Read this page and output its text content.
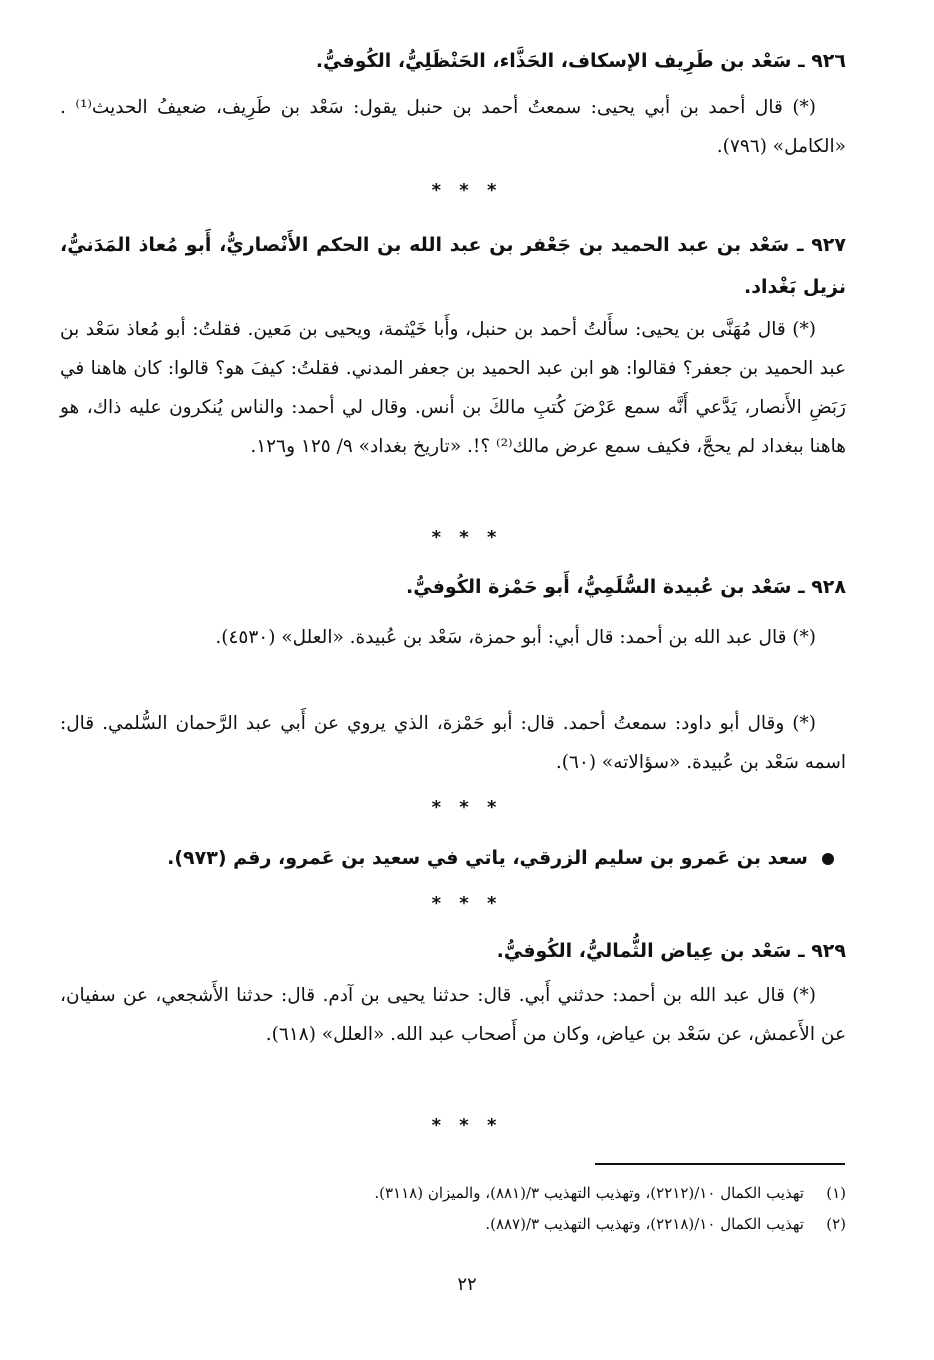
٩٢٦ ـ سَعْد بن طَرِيف الإسكاف، الحَذَّاء، الحَنْظَلِيُّ، الكُوفيُّ.
(*) قال أحمد بن أبي يحيى: سمعتُ أحمد بن حنبل يقول: سَعْد بن طَرِيف، ضعيفُ الحديث⁽¹⁾ . «الكامل» (٧٩٦).
* * *
٩٢٧ ـ سَعْد بن عبد الحميد بن جَعْفر بن عبد الله بن الحكم الأَنْصاريُّ، أَبو مُعاذ المَدَنيُّ، نزيل بَغْداد.
(*) قال مُهَنَّى بن يحيى: سأَلتُ أحمد بن حنبل، وأَبا خَيْثمة، ويحيى بن مَعين. فقلتُ: أبو مُعاذ سَعْد بن عبد الحميد بن جعفر؟ فقالوا: هو ابن عبد الحميد بن جعفر المدني. فقلتُ: كيفَ هو؟ قالوا: كان هاهنا في رَبَضِ الأَنصار، يَدَّعي أَنَّه سمع عَرْضَ كُتبِ مالكَ بن أنس. وقال لي أحمد: والناس يُنكرون عليه ذاك، هو هاهنا ببغداد لم يحجَّ، فكيف سمع عرض مالك⁽²⁾ ؟!. «تاريخ بغداد» ٩/ ١٢٥ و١٢٦.
* * *
٩٢٨ ـ سَعْد بن عُبيدة السُّلَمِيُّ، أَبو حَمْزة الكُوفيُّ.
(*) قال عبد الله بن أحمد: قال أبي: أبو حمزة، سَعْد بن عُبيدة. «العلل» (٤٥٣٠).
(*) وقال أبو داود: سمعتُ أحمد. قال: أبو حَمْزة، الذي يروي عن أَبي عبد الرَّحمان السُّلمي. قال: اسمه سَعْد بن عُبيدة. «سؤالاته» (٦٠).
* * *
سعد بن عَمرو بن سليم الزرقي، ياتي في سعيد بن عَمرو، رقم (٩٧٣).
* * *
٩٢٩ ـ سَعْد بن عِياض الثُّماليُّ، الكُوفيُّ.
(*) قال عبد الله بن أحمد: حدثني أَبي. قال: حدثنا يحيى بن آدم. قال: حدثنا الأَشجعي، عن سفيان، عن الأَعمش، عن سَعْد بن عياض، وكان من أَصحاب عبد الله. «العلل» (٦١٨).
* * *
(١)تهذيب الكمال ١٠/(٢٢١٢)، وتهذيب التهذيب ٣/(٨٨١)، والميزان (٣١١٨).
(٢)تهذيب الكمال ١٠/(٢٢١٨)، وتهذيب التهذيب ٣/(٨٨٧).
٢٢
